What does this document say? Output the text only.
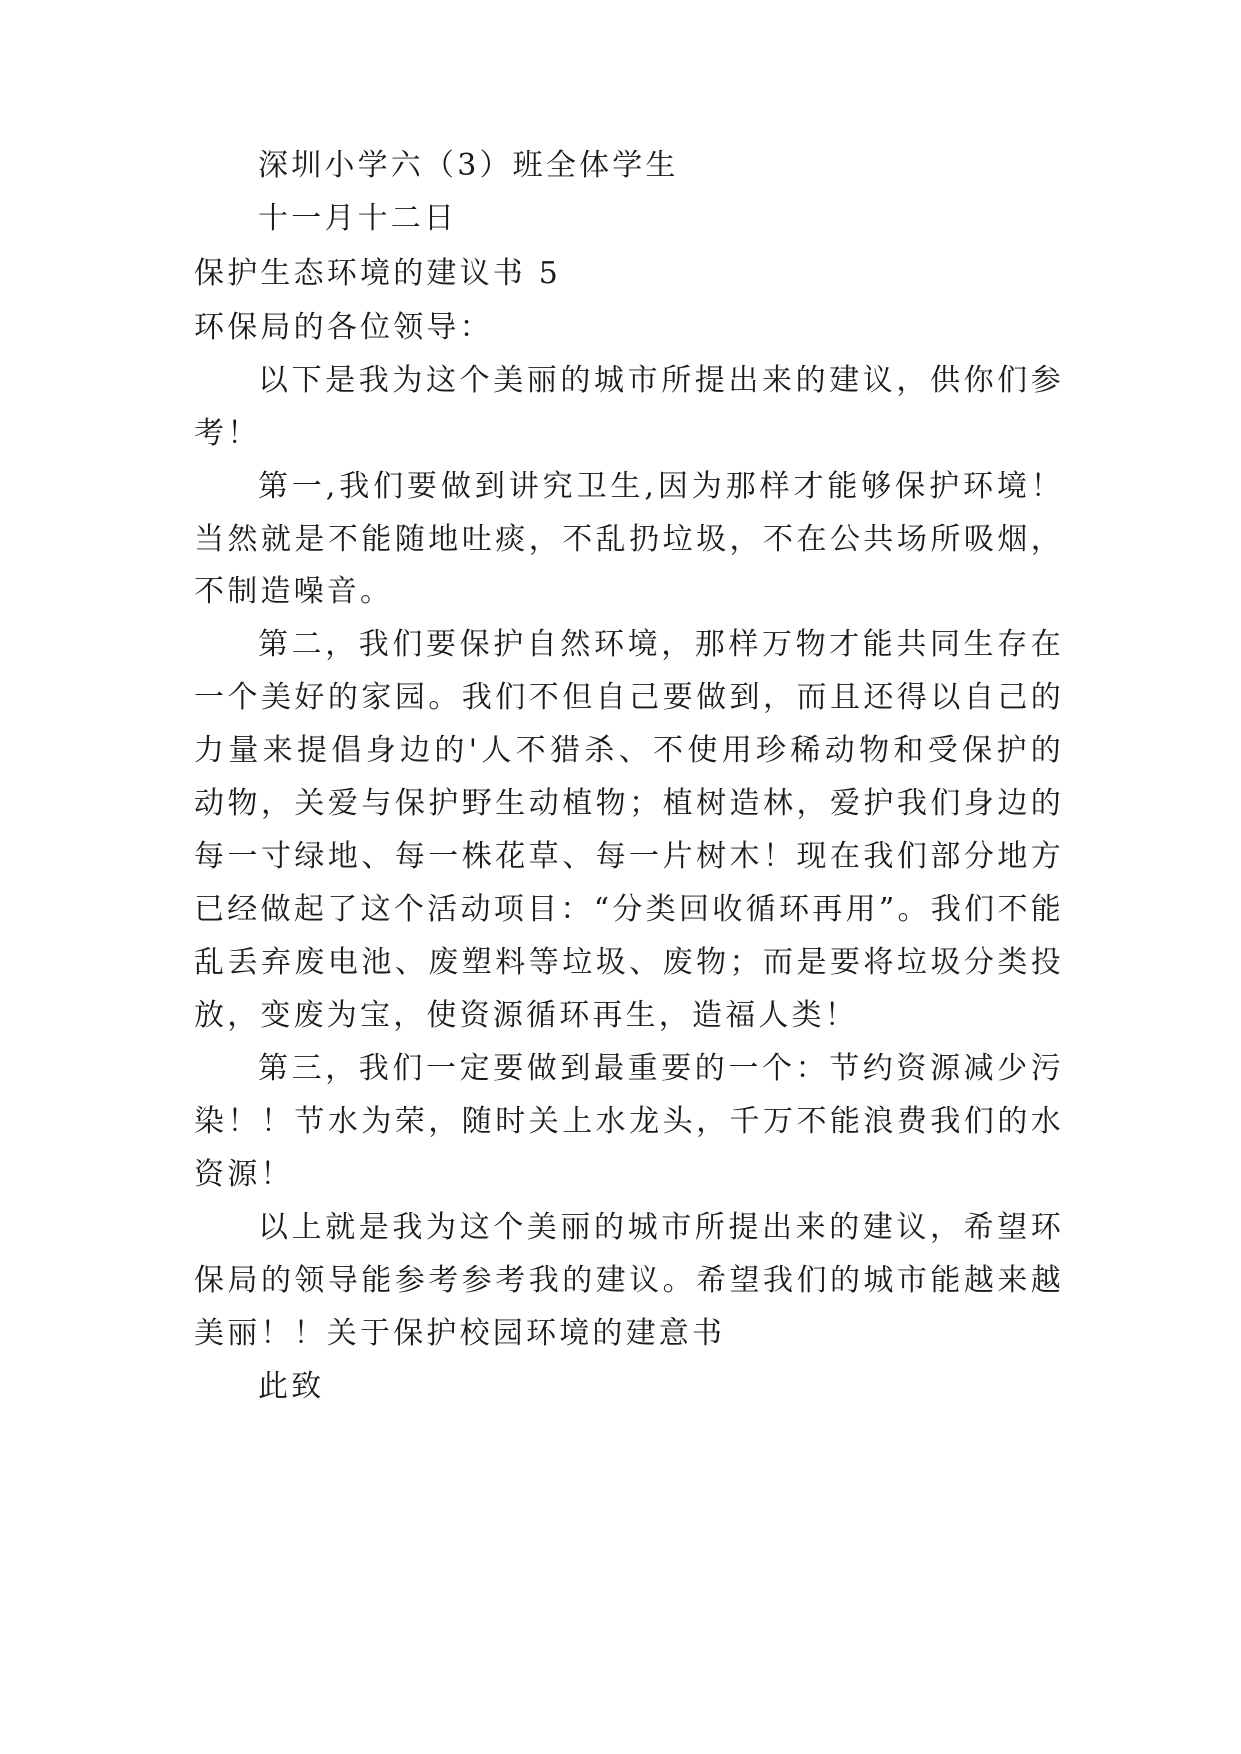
深圳小学六（3）班全体学生
十一月十二日
保护生态环境的建议书 5
环保局的各位领导：
以下是我为这个美丽的城市所提出来的建议，供你们参
考！
第一,我们要做到讲究卫生,因为那样才能够保护环境！
当然就是不能随地吐痰，不乱扔垃圾，不在公共场所吸烟，
不制造噪音。
第二，我们要保护自然环境，那样万物才能共同生存在
一个美好的家园。我们不但自己要做到，而且还得以自己的
力量来提倡身边的'人不猎杀、不使用珍稀动物和受保护的
动物，关爱与保护野生动植物；植树造林，爱护我们身边的
每一寸绿地、每一株花草、每一片树木！现在我们部分地方
已经做起了这个活动项目：“分类回收循环再用”。我们不能
乱丢弃废电池、废塑料等垃圾、废物；而是要将垃圾分类投
放，变废为宝，使资源循环再生，造福人类！
第三，我们一定要做到最重要的一个：节约资源减少污
染！！节水为荣，随时关上水龙头，千万不能浪费我们的水
资源！
以上就是我为这个美丽的城市所提出来的建议，希望环
保局的领导能参考参考我的建议。希望我们的城市能越来越
美丽！！关于保护校园环境的建意书
此致
